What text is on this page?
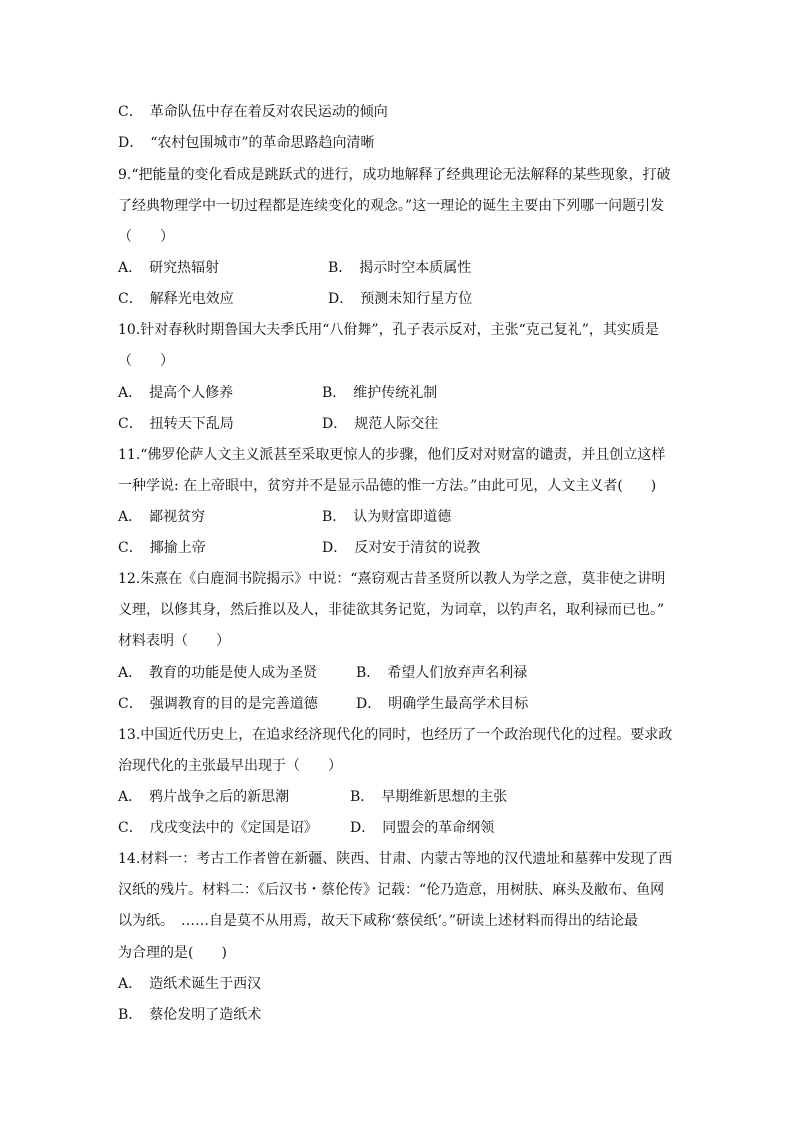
C．　革命队伍中存在着反对农民运动的倾向
D．　“农村包围城市”的革命思路趋向清晰
9.“把能量的变化看成是跳跃式的进行，成功地解释了经典理论无法解释的某些现象，打破
了经典物理学中一切过程都是连续变化的观念。”这一理论的诞生主要由下列哪一问题引发
（　　）
A．　研究热辐射	B．　揭示时空本质属性
C．　解释光电效应	D．　预测未知行星方位
10.针对春秋时期鲁国大夫季氏用“八佾舞”，孔子表示反对，主张“克己复礼”，其实质是
（　　）
A．　提高个人修养	B．　维护传统礼制
C．　扭转天下乱局	D．　规范人际交往
11.“佛罗伦萨人文主义派甚至采取更惊人的步骤，他们反对对财富的谴责，并且创立这样
一种学说: 在上帝眼中，贫穷并不是显示品德的惟一方法。”由此可见，人文主义者(　　)
A．　鄙视贫穷	B．　认为财富即道德
C．　揶揄上帝	D．　反对安于清贫的说教
12.朱熹在《白鹿洞书院揭示》中说：“熹窃观古昔圣贤所以教人为学之意，莫非使之讲明
义理，以修其身，然后推以及人，非徒欲其务记览，为词章，以钓声名，取利禄而已也。”
材料表明（　　）
A．　教育的功能是使人成为圣贤	B．　希望人们放弃声名利禄
C．　强调教育的目的是完善道德	D．　明确学生最高学术目标
13.中国近代历史上，在追求经济现代化的同时，也经历了一个政治现代化的过程。要求政
治现代化的主张最早出现于（　　）
A．　鸦片战争之后的新思潮	B．　早期维新思想的主张
C．　戊戌变法中的《定国是诏》 D．　同盟会的革命纲领
14.材料一：考古工作者曾在新疆、陕西、甘肃、内蒙古等地的汉代遗址和墓葬中发现了西
汉纸的残片。材料二：《后汉书・蔡伦传》记载：“伦乃造意，用树肤、麻头及敝布、鱼网
以为纸。　……自是莫不从用焉，故天下咸称‘蔡侯纸’。”研读上述材料而得出的结论最
为合理的是(　　)
A．　造纸术诞生于西汉
B．　蔡伦发明了造纸术
